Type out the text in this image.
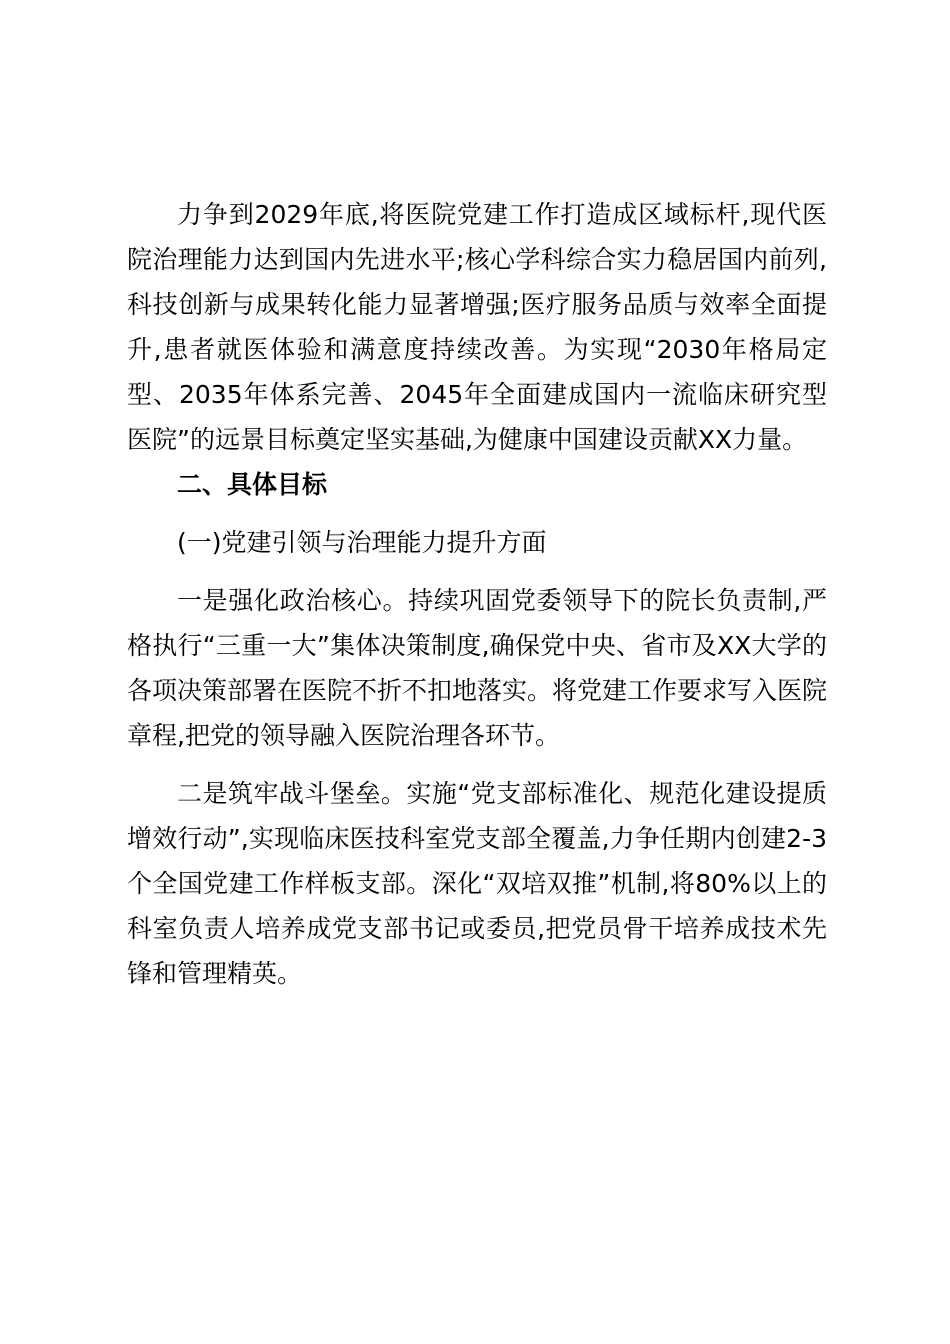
力争到2029年底,将医院党建工作打造成区域标杆,现代医院治理能力达到国内先进水平;核心学科综合实力稳居国内前列,科技创新与成果转化能力显著增强;医疗服务品质与效率全面提升,患者就医体验和满意度持续改善。为实现“2030年格局定型、2035年体系完善、2045年全面建成国内一流临床研究型医院”的远景目标奠定坚实基础,为健康中国建设贡献XX力量。

二、具体目标

(一)党建引领与治理能力提升方面

一是强化政治核心。持续巩固党委领导下的院长负责制,严格执行“三重一大”集体决策制度,确保党中央、省市及XX大学的各项决策部署在医院不折不扣地落实。将党建工作要求写入医院章程,把党的领导融入医院治理各环节。

二是筑牢战斗堡垒。实施“党支部标准化、规范化建设提质增效行动”,实现临床医技科室党支部全覆盖,力争任期内创建2-3个全国党建工作样板支部。深化“双培双推”机制,将80%以上的科室负责人培养成党支部书记或委员,把党员骨干培养成技术先锋和管理精英。
